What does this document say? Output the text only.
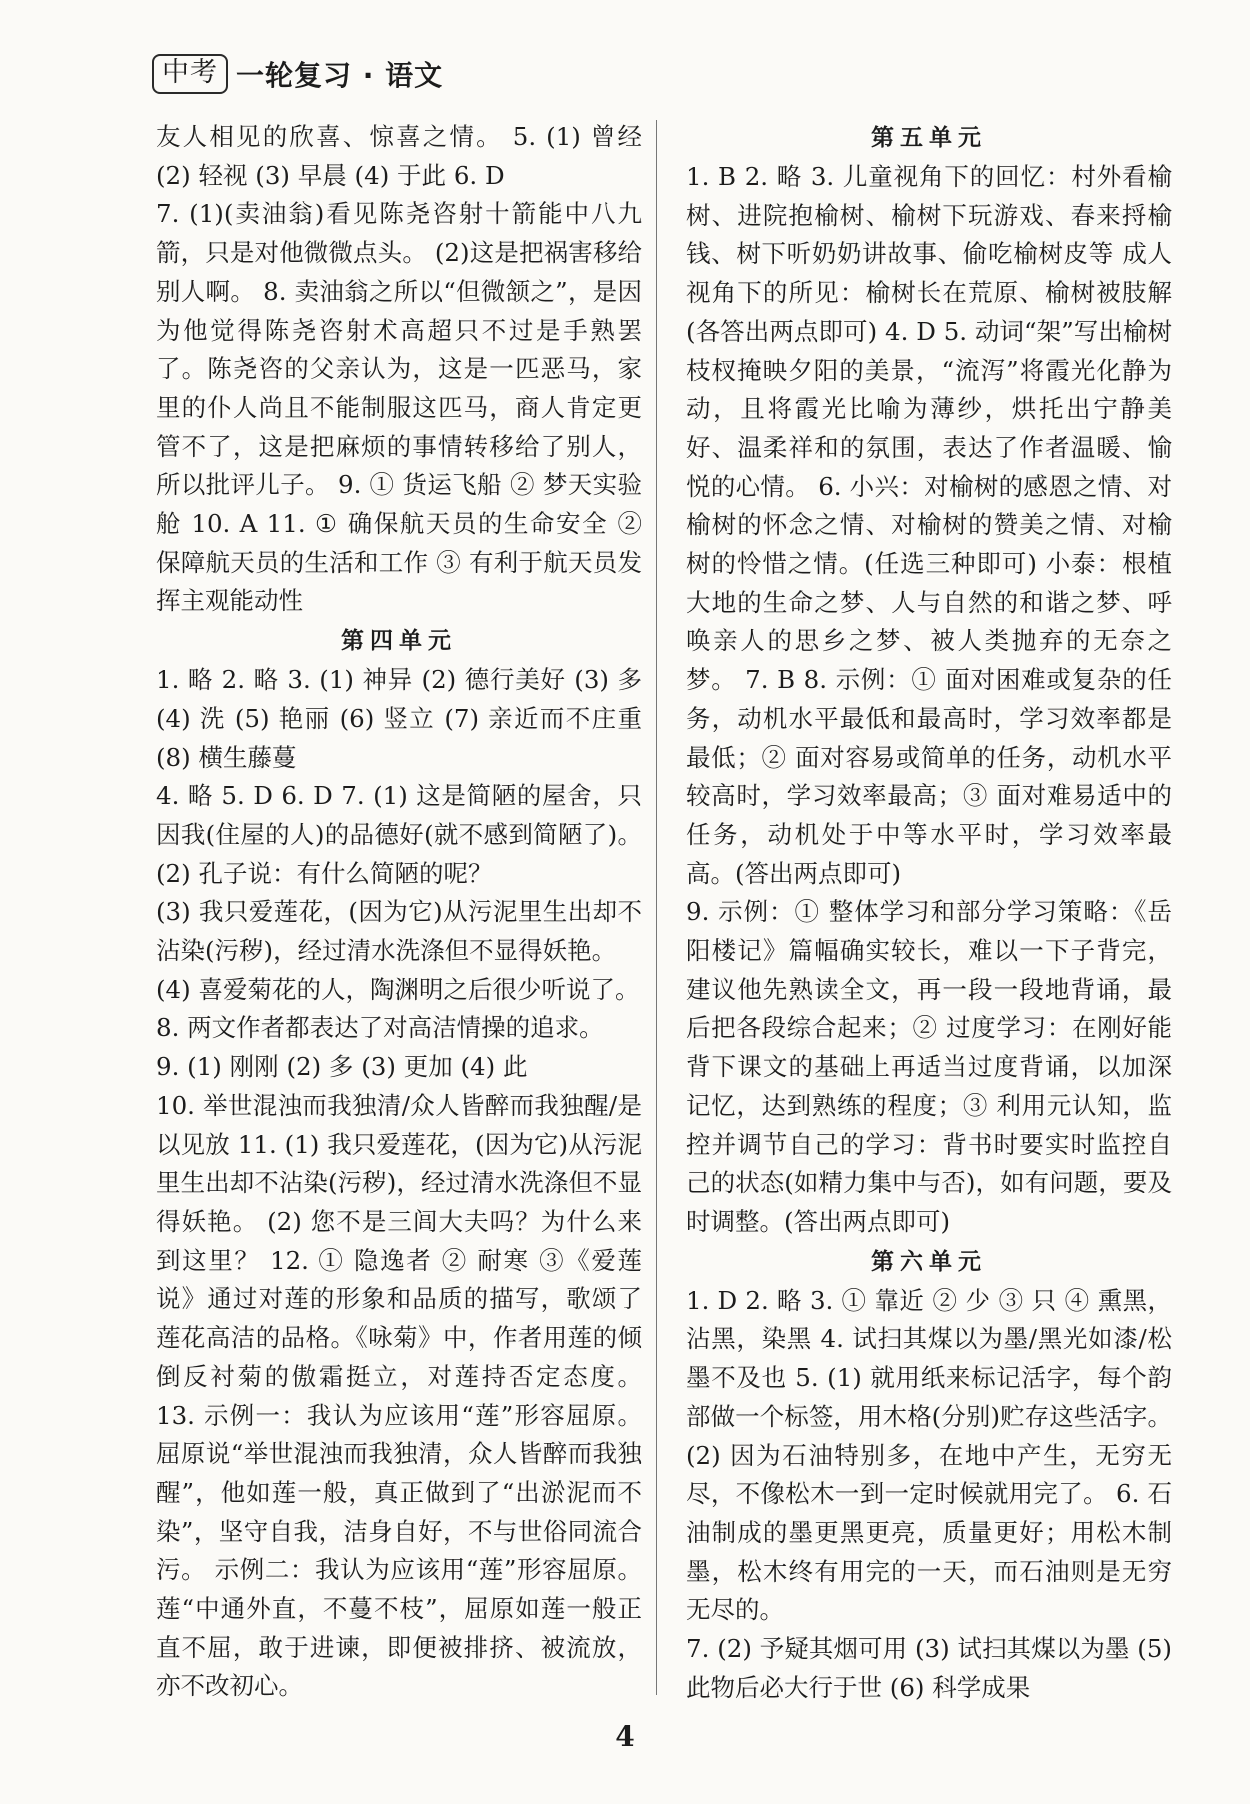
中考 一轮复习 · 语文

友人相见的欣喜、惊喜之情。 5. (1) 曾经 (2) 轻视 (3) 早晨 (4) 于此 6. D

7. (1)(卖油翁)看见陈尧咨射十箭能中八九箭，只是对他微微点头。 (2)这是把祸害移给别人啊。 8. 卖油翁之所以“但微颔之”，是因为他觉得陈尧咨射术高超只不过是手熟罢了。陈尧咨的父亲认为，这是一匹恶马，家里的仆人尚且不能制服这匹马，商人肯定更管不了，这是把麻烦的事情转移给了别人，所以批评儿子。 9. ① 货运飞船 ② 梦天实验舱 10. A 11. ① 确保航天员的生命安全 ② 保障航天员的生活和工作 ③ 有利于航天员发挥主观能动性

第四单元

1. 略 2. 略 3. (1) 神异 (2) 德行美好 (3) 多 (4) 洗 (5) 艳丽 (6) 竖立 (7) 亲近而不庄重 (8) 横生藤蔓

4. 略 5. D 6. D 7. (1) 这是简陋的屋舍，只因我(住屋的人)的品德好(就不感到简陋了)。 (2) 孔子说：有什么简陋的呢？

(3) 我只爱莲花，(因为它)从污泥里生出却不沾染(污秽)，经过清水洗涤但不显得妖艳。

(4) 喜爱菊花的人，陶渊明之后很少听说了。

8. 两文作者都表达了对高洁情操的追求。

9. (1) 刚刚 (2) 多 (3) 更加 (4) 此

10. 举世混浊而我独清/众人皆醉而我独醒/是以见放 11. (1) 我只爱莲花，(因为它)从污泥里生出却不沾染(污秽)，经过清水洗涤但不显得妖艳。 (2) 您不是三闾大夫吗？为什么来到这里？ 12. ① 隐逸者 ② 耐寒 ③《爱莲说》通过对莲的形象和品质的描写，歌颂了莲花高洁的品格。《咏菊》中，作者用莲的倾倒反衬菊的傲霜挺立，对莲持否定态度。 13. 示例一：我认为应该用“莲”形容屈原。屈原说“举世混浊而我独清，众人皆醉而我独醒”，他如莲一般，真正做到了“出淤泥而不染”，坚守自我，洁身自好，不与世俗同流合污。 示例二：我认为应该用“莲”形容屈原。莲“中通外直，不蔓不枝”，屈原如莲一般正直不屈，敢于进谏，即便被排挤、被流放，亦不改初心。

第五单元

1. B 2. 略 3. 儿童视角下的回忆：村外看榆树、进院抱榆树、榆树下玩游戏、春来捋榆钱、树下听奶奶讲故事、偷吃榆树皮等 成人视角下的所见：榆树长在荒原、榆树被肢解(各答出两点即可) 4. D 5. 动词“架”写出榆树枝杈掩映夕阳的美景，“流泻”将霞光化静为动，且将霞光比喻为薄纱，烘托出宁静美好、温柔祥和的氛围，表达了作者温暖、愉悦的心情。 6. 小兴：对榆树的感恩之情、对榆树的怀念之情、对榆树的赞美之情、对榆树的怜惜之情。(任选三种即可) 小泰：根植大地的生命之梦、人与自然的和谐之梦、呼唤亲人的思乡之梦、被人类抛弃的无奈之梦。 7. B 8. 示例：① 面对困难或复杂的任务，动机水平最低和最高时，学习效率都是最低；② 面对容易或简单的任务，动机水平较高时，学习效率最高；③ 面对难易适中的任务，动机处于中等水平时，学习效率最高。(答出两点即可)

9. 示例：① 整体学习和部分学习策略：《岳阳楼记》篇幅确实较长，难以一下子背完，建议他先熟读全文，再一段一段地背诵，最后把各段综合起来；② 过度学习：在刚好能背下课文的基础上再适当过度背诵，以加深记忆，达到熟练的程度；③ 利用元认知，监控并调节自己的学习：背书时要实时监控自己的状态(如精力集中与否)，如有问题，要及时调整。(答出两点即可)

第六单元

1. D 2. 略 3. ① 靠近 ② 少 ③ 只 ④ 熏黑，沾黑，染黑 4. 试扫其煤以为墨/黑光如漆/松墨不及也 5. (1) 就用纸来标记活字，每个韵部做一个标签，用木格(分别)贮存这些活字。 (2) 因为石油特别多，在地中产生，无穷无尽，不像松木一到一定时候就用完了。 6. 石油制成的墨更黑更亮，质量更好；用松木制墨，松木终有用完的一天，而石油则是无穷无尽的。

7. (2) 予疑其烟可用 (3) 试扫其煤以为墨 (5) 此物后必大行于世 (6) 科学成果

4
